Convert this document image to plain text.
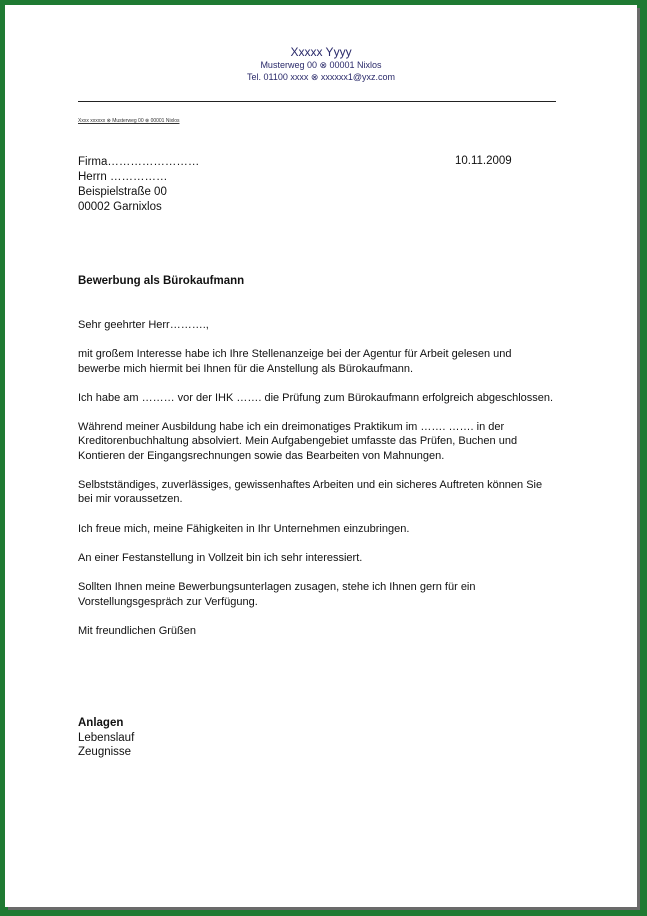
Xxxxx Yyyy
Musterweg 00 ⊗ 00001 Nixlos
Tel. 01100 xxxx ⊗ xxxxxx1@yxz.com
Xxxx xxxxxx ⊗ Musterweg 00 ⊗ 00001 Nixlos
Firma……………………
Herrn ……………
Beispielstraße 00
00002 Garnixlos
10.11.2009
Bewerbung als Bürokaufmann

Sehr geehrter Herr……….,

mit großem Interesse habe ich Ihre Stellenanzeige bei der Agentur für Arbeit gelesen und bewerbe mich hiermit bei Ihnen für die Anstellung als Bürokaufmann.

Ich habe am ……… vor der IHK ……. die Prüfung zum Bürokaufmann erfolgreich abgeschlossen.

Während meiner Ausbildung habe ich ein dreimonatiges Praktikum im ……. ……. in der Kreditorenbuchhaltung absolviert. Mein Aufgabengebiet umfasste das Prüfen, Buchen und Kontieren der Eingangsrechnungen sowie das Bearbeiten von Mahnungen.

Selbstständiges, zuverlässiges, gewissenhaftes Arbeiten und ein sicheres Auftreten können Sie bei mir voraussetzen.

Ich freue mich, meine Fähigkeiten in Ihr Unternehmen einzubringen.

An einer Festanstellung in Vollzeit bin ich sehr interessiert.

Sollten Ihnen meine Bewerbungsunterlagen zusagen, stehe ich Ihnen gern für ein Vorstellungsgespräch zur Verfügung.

Mit freundlichen Grüßen

Anlagen
Lebenslauf
Zeugnisse
